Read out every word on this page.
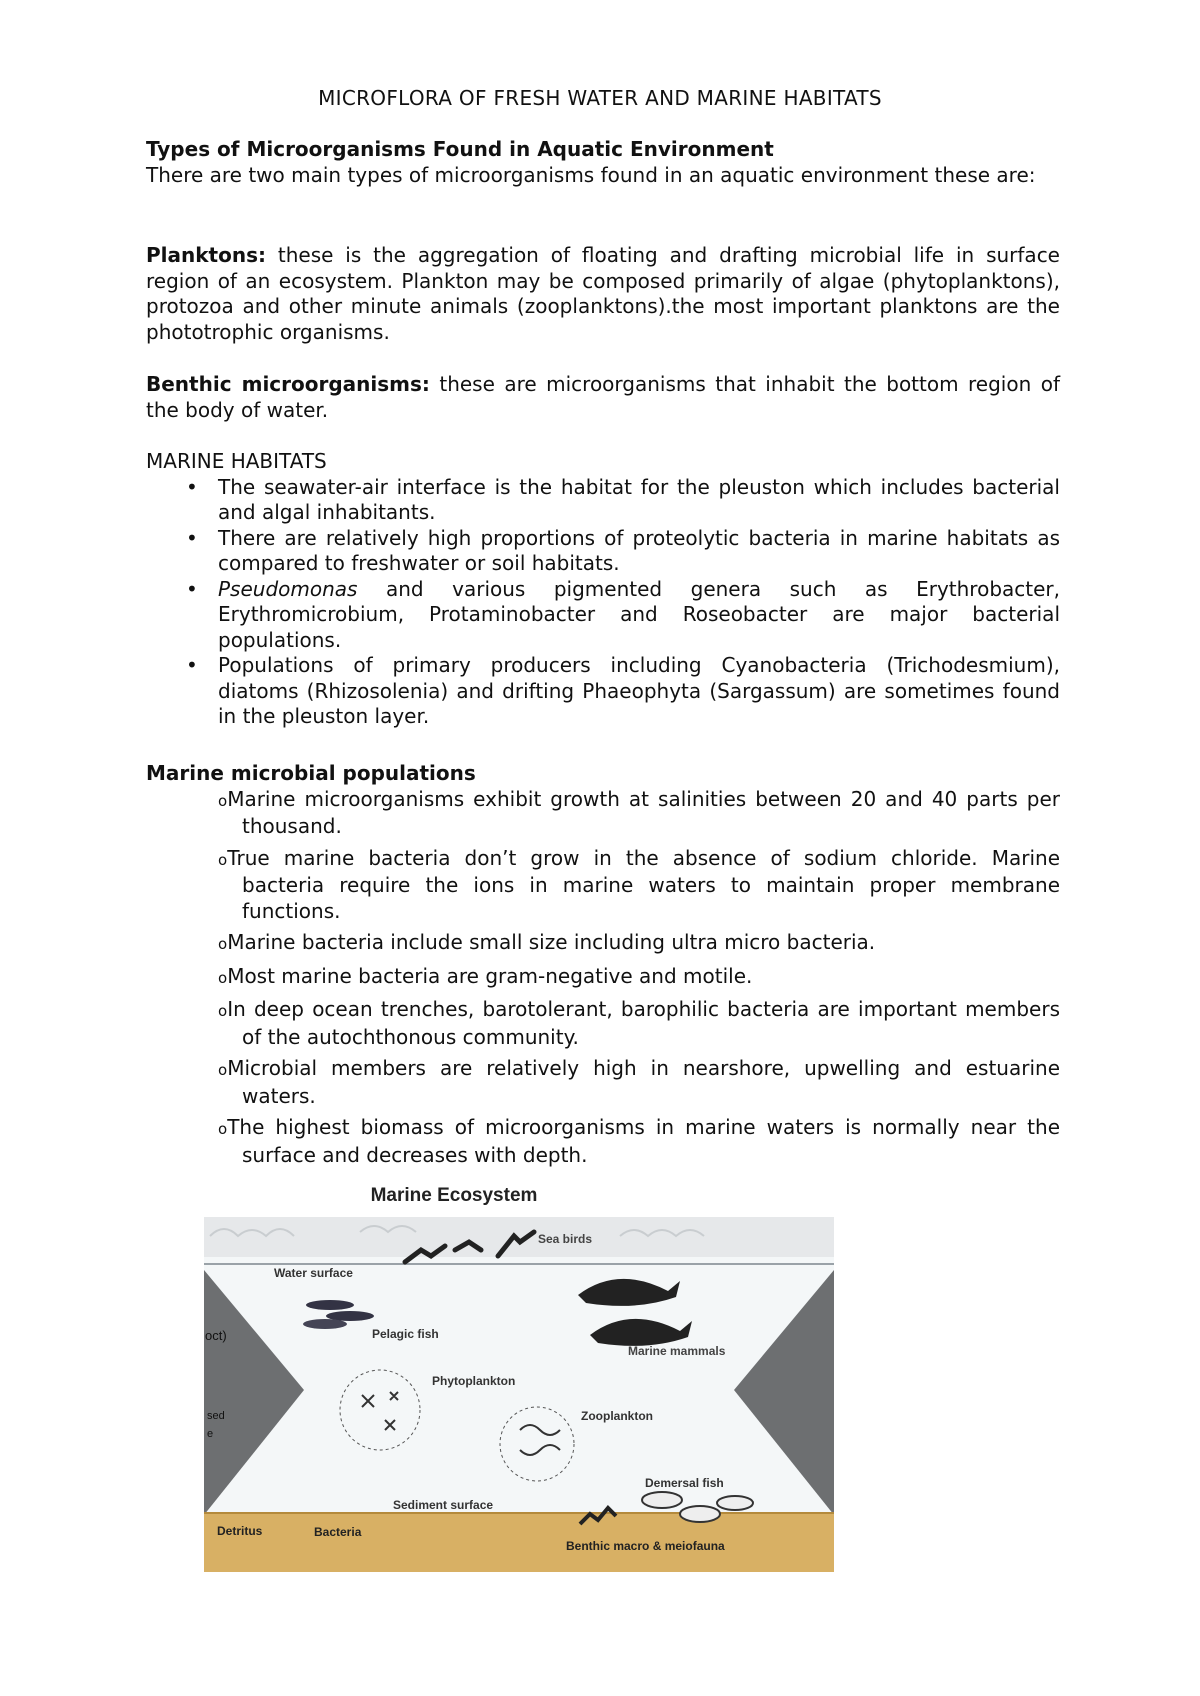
MICROFLORA OF FRESH WATER AND MARINE HABITATS

Types of Microorganisms Found in Aquatic Environment

There are two main types of microorganisms found in an aquatic environment these are:

Planktons: these is the aggregation of floating and drafting microbial life in surface region of an ecosystem. Plankton may be composed primarily of algae (phytoplanktons), protozoa and other minute animals (zooplanktons).the most important planktons are the phototrophic organisms.

Benthic microorganisms: these are microorganisms that inhabit the bottom region of the body of water.

MARINE HABITATS

• The seawater-air interface is the habitat for the pleuston which includes bacterial and algal inhabitants.
• There are relatively high proportions of proteolytic bacteria in marine habitats as compared to freshwater or soil habitats.
• Pseudomonas and various pigmented genera such as Erythrobacter, Erythromicrobium, Protaminobacter and Roseobacter are major bacterial populations.
• Populations of primary producers including Cyanobacteria (Trichodesmium), diatoms (Rhizosolenia) and drifting Phaeophyta (Sargassum) are sometimes found in the pleuston layer.

Marine microbial populations

oMarine microorganisms exhibit growth at salinities between 20 and 40 parts per thousand.
oTrue marine bacteria don’t grow in the absence of sodium chloride. Marine bacteria require the ions in marine waters to maintain proper membrane functions.
oMarine bacteria include small size including ultra micro bacteria.
oMost marine bacteria are gram-negative and motile.
oIn deep ocean trenches, barotolerant, barophilic bacteria are important members of the autochthonous community.
oMicrobial members are relatively high in nearshore, upwelling and estuarine waters.
oThe highest biomass of microorganisms in marine waters is normally near the surface and decreases with depth.
Marine Ecosystem
Sea birds
Water surface
Marine mammals
Pelagic fish
Phytoplankton
Zooplankton
Demersal fish
Sediment surface
Detritus	Bacteria
Benthic macro & meiofauna
oct)
sed
e
